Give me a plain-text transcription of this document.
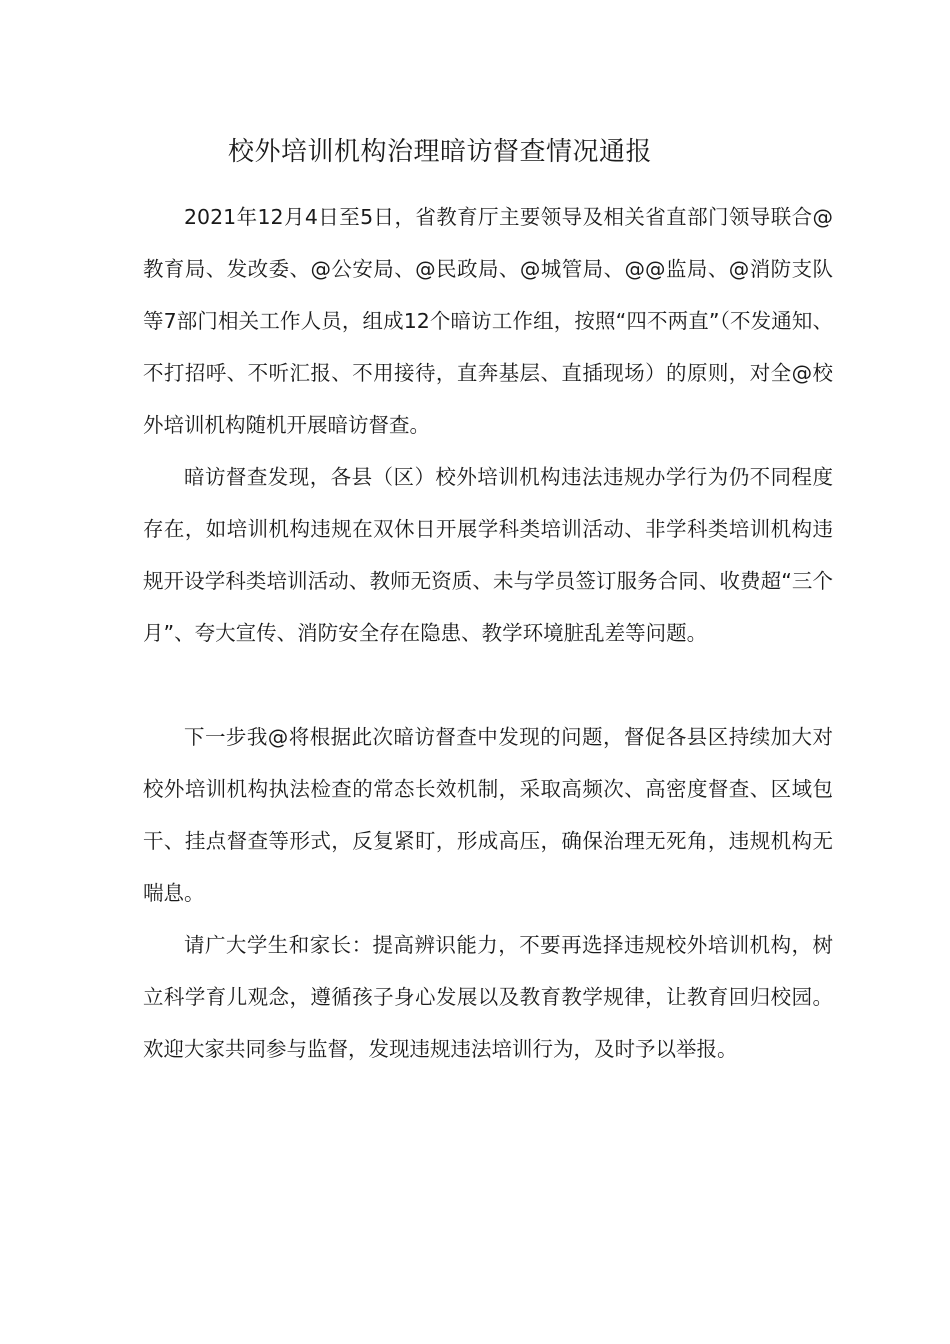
校外培训机构治理暗访督查情况通报

2021年12月4日至5日，省教育厅主要领导及相关省直部门领导联合@教育局、发改委、@公安局、@民政局、@城管局、@@监局、@消防支队等7部门相关工作人员，组成12个暗访工作组，按照“四不两直”（不发通知、不打招呼、不听汇报、不用接待，直奔基层、直插现场）的原则，对全@校外培训机构随机开展暗访督查。

暗访督查发现，各县（区）校外培训机构违法违规办学行为仍不同程度存在，如培训机构违规在双休日开展学科类培训活动、非学科类培训机构违规开设学科类培训活动、教师无资质、未与学员签订服务合同、收费超“三个月”、夸大宣传、消防安全存在隐患、教学环境脏乱差等问题。

下一步我@将根据此次暗访督查中发现的问题，督促各县区持续加大对校外培训机构执法检查的常态长效机制，采取高频次、高密度督查、区域包干、挂点督查等形式，反复紧盯，形成高压，确保治理无死角，违规机构无喘息。

请广大学生和家长：提高辨识能力，不要再选择违规校外培训机构，树立科学育儿观念，遵循孩子身心发展以及教育教学规律，让教育回归校园。欢迎大家共同参与监督，发现违规违法培训行为，及时予以举报。
